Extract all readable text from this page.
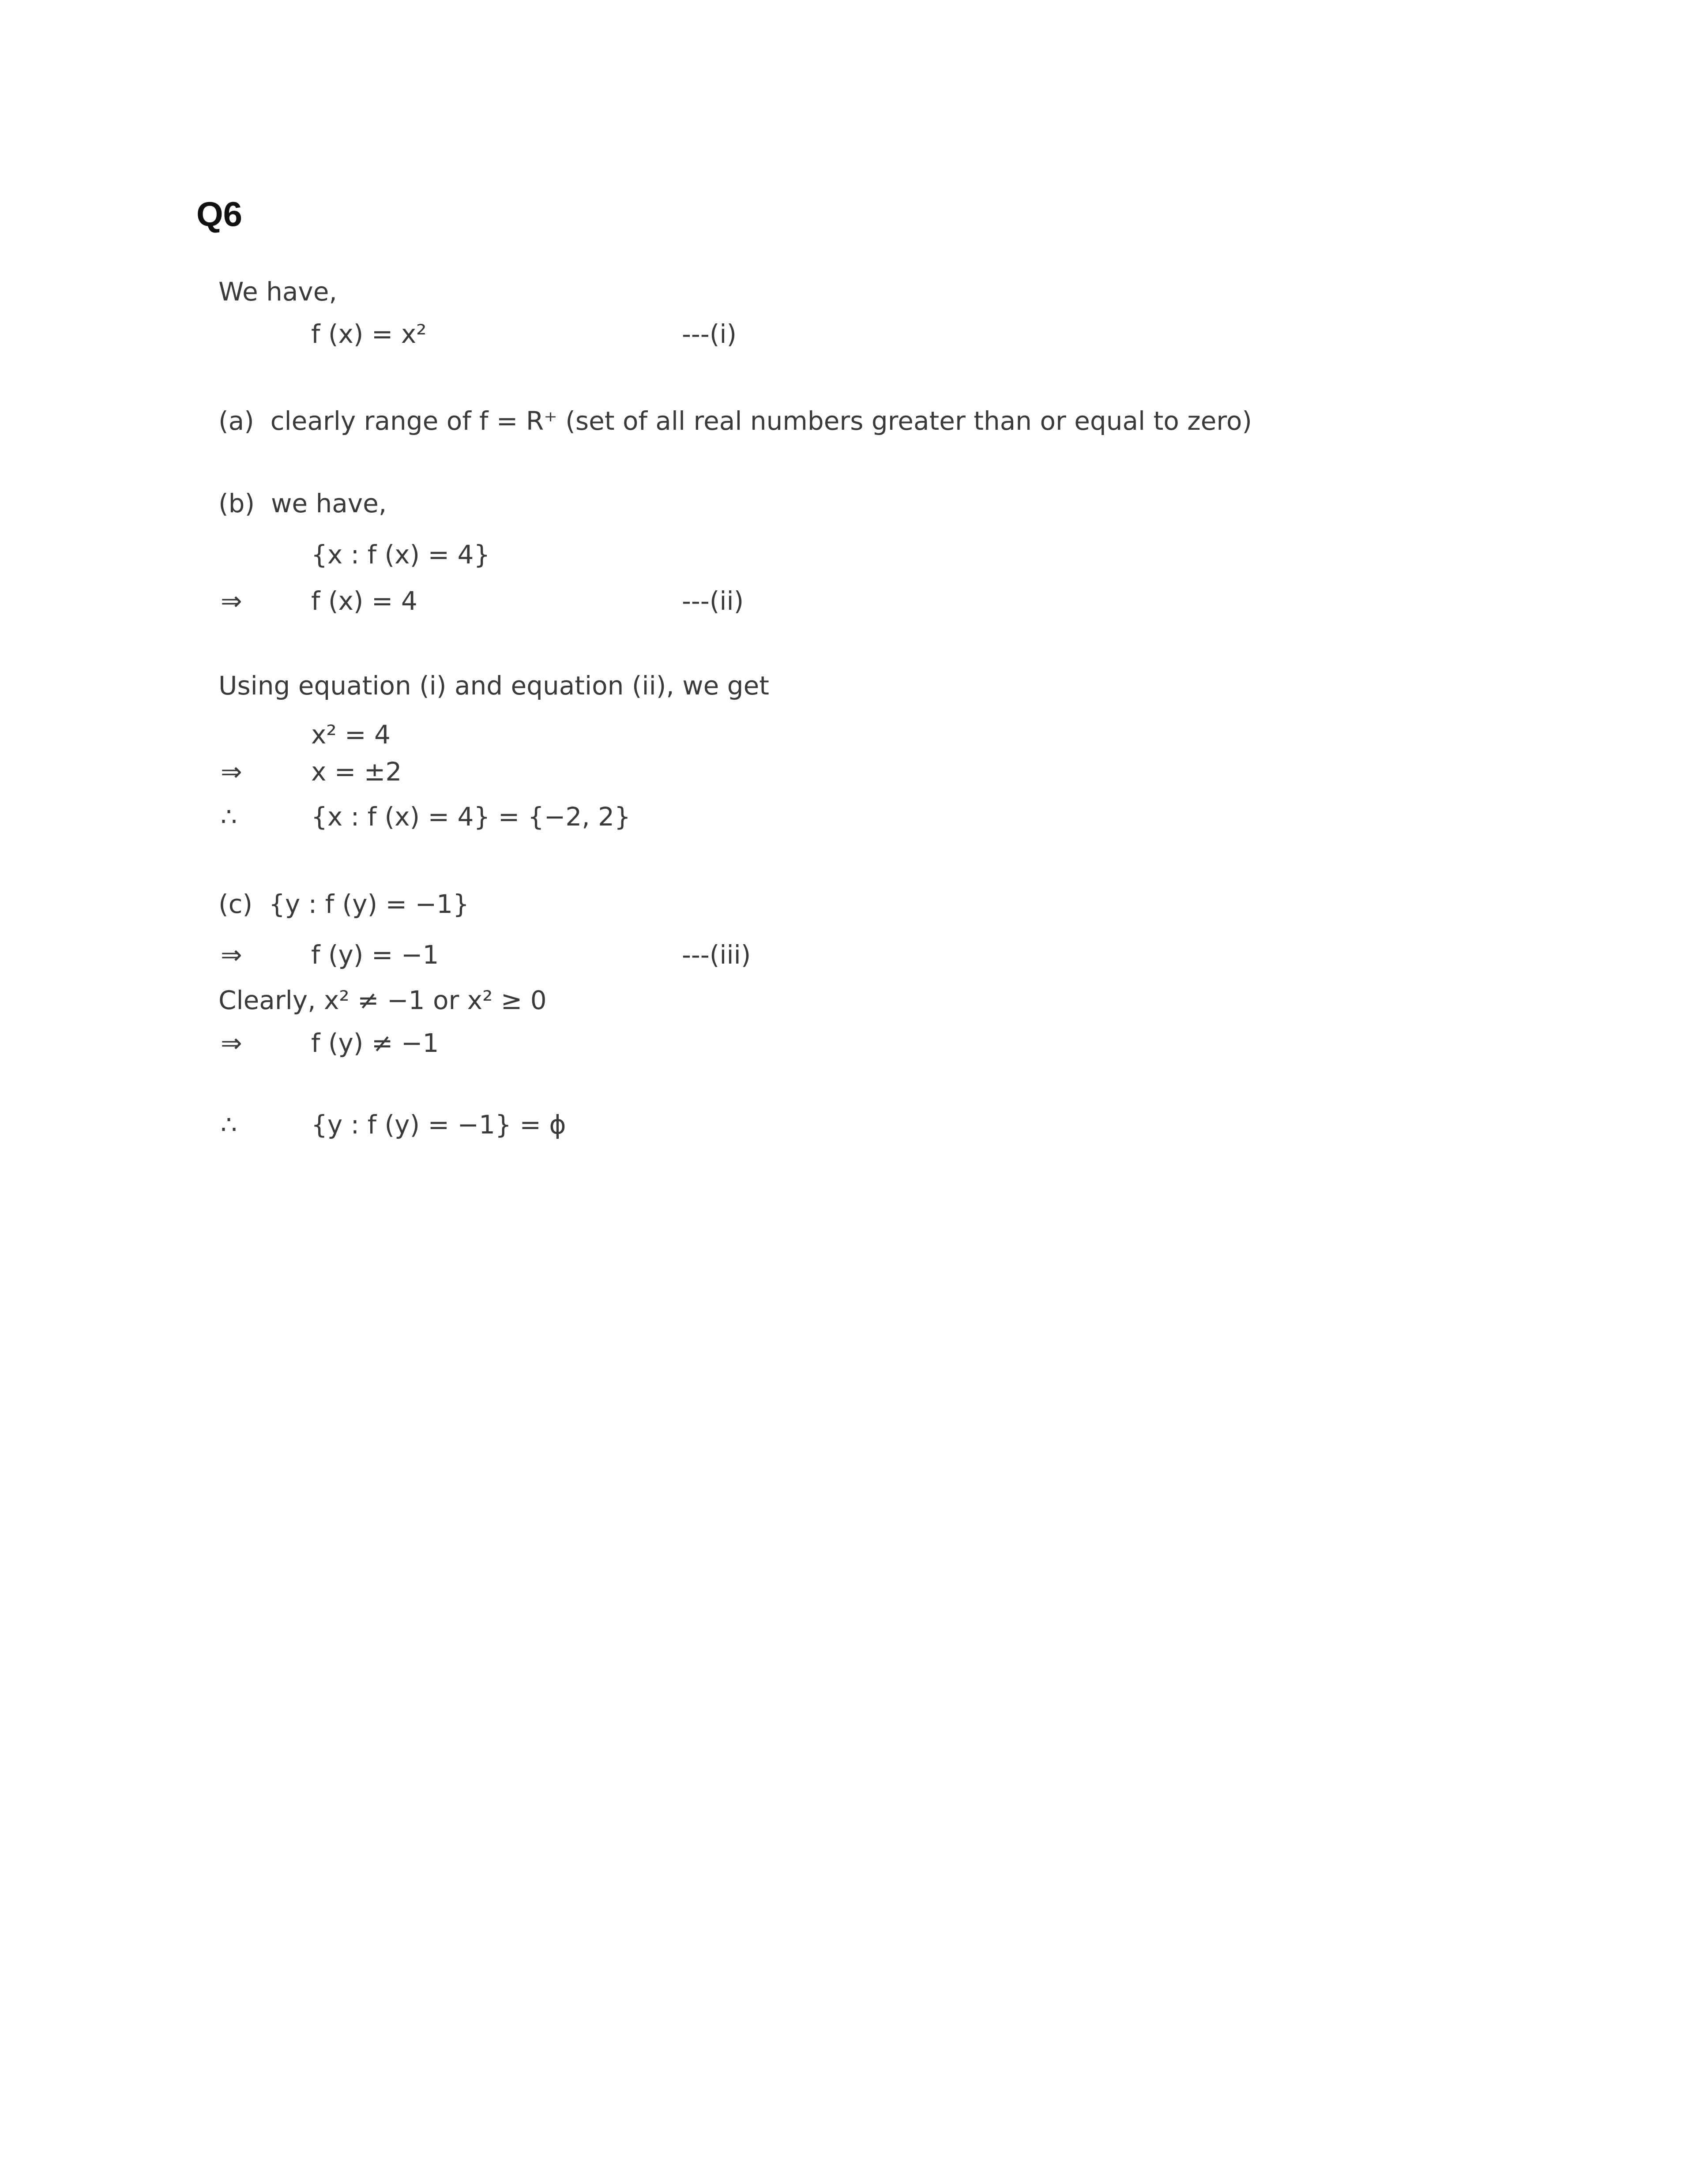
Q6
We have,
f (x) = x²	---(i)
(a)  clearly range of f = R⁺ (set of all real numbers greater than or equal to zero)
(b)  we have,
{x : f (x) = 4}
⇒	f (x) = 4	---(ii)
Using equation (i) and equation (ii), we get
x² = 4
⇒	x = ±2
∴	{x : f (x) = 4} = {−2, 2}
(c)  {y : f (y) = −1}
⇒	f (y) = −1	---(iii)
Clearly, x² ≠ −1 or x² ≥ 0
⇒	f (y) ≠ −1
∴	{y : f (y) = −1} = ϕ
